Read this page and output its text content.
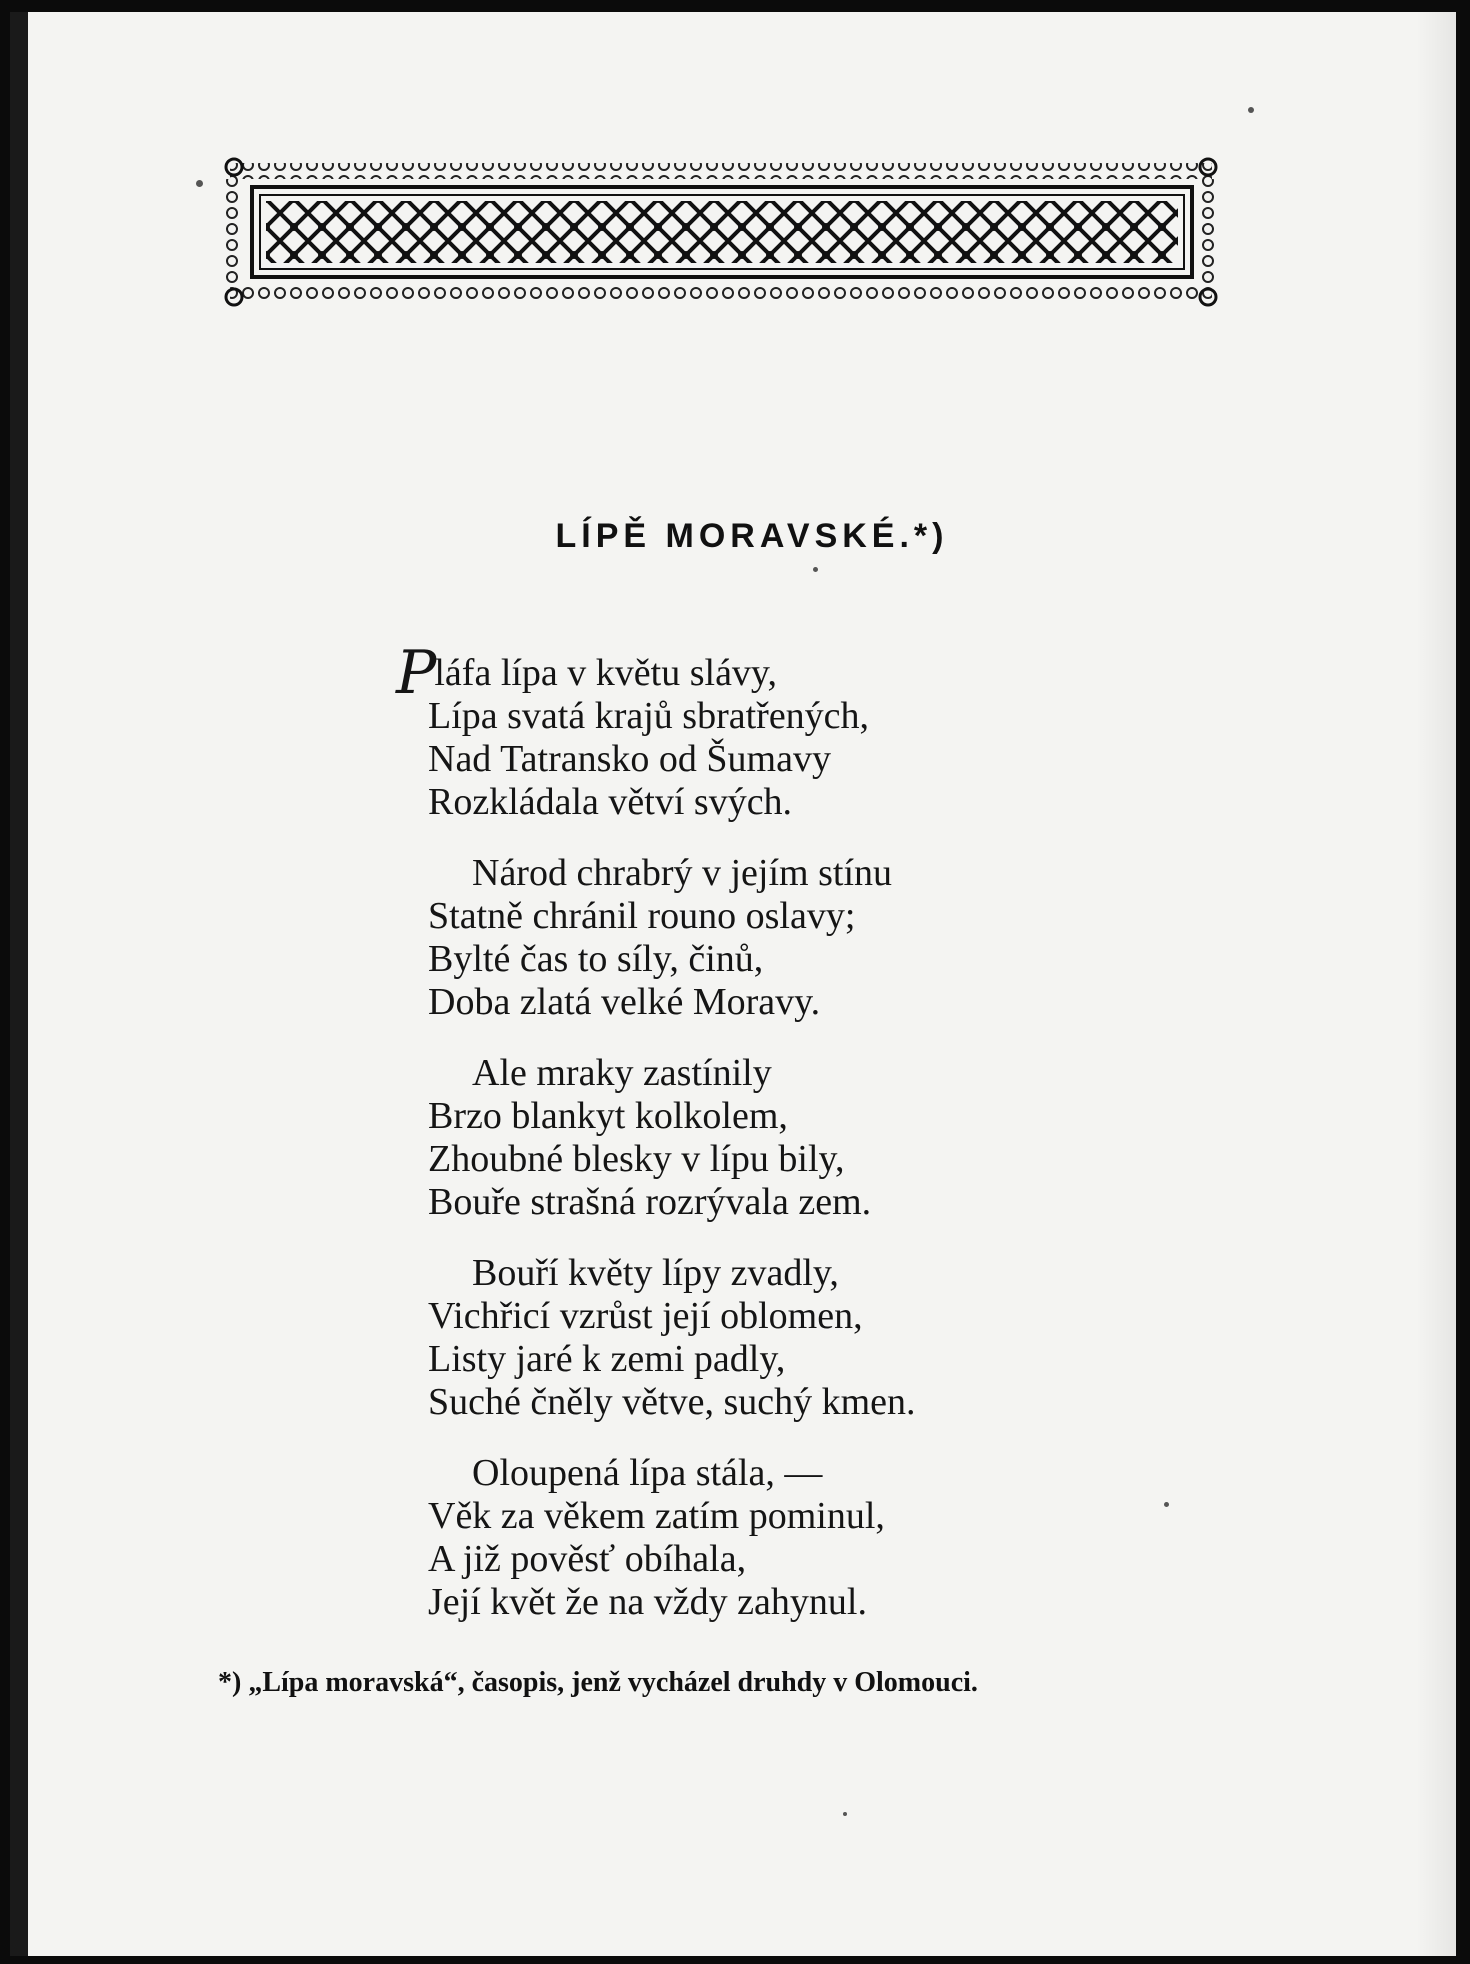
LÍPĚ MORAVSKÉ.*)
Pláfa lípa v květu slávy,
Lípa svatá krajů sbratřených,
Nad Tatransko od Šumavy
Rozkládala větví svých.
Národ chrabrý v jejím stínu
Statně chránil rouno oslavy;
Bylté čas to síly, činů,
Doba zlatá velké Moravy.
Ale mraky zastínily
Brzo blankyt kolkolem,
Zhoubné blesky v lípu bily,
Bouře strašná rozrývala zem.
Bouří květy lípy zvadly,
Vichřicí vzrůst její oblomen,
Listy jaré k zemi padly,
Suché čněly větve, suchý kmen.
Oloupená lípa stála, —
Věk za věkem zatím pominul,
A již pověsť obíhala,
Její květ že na vždy zahynul.
*) „Lípa moravská“, časopis, jenž vycházel druhdy v Olomouci.
